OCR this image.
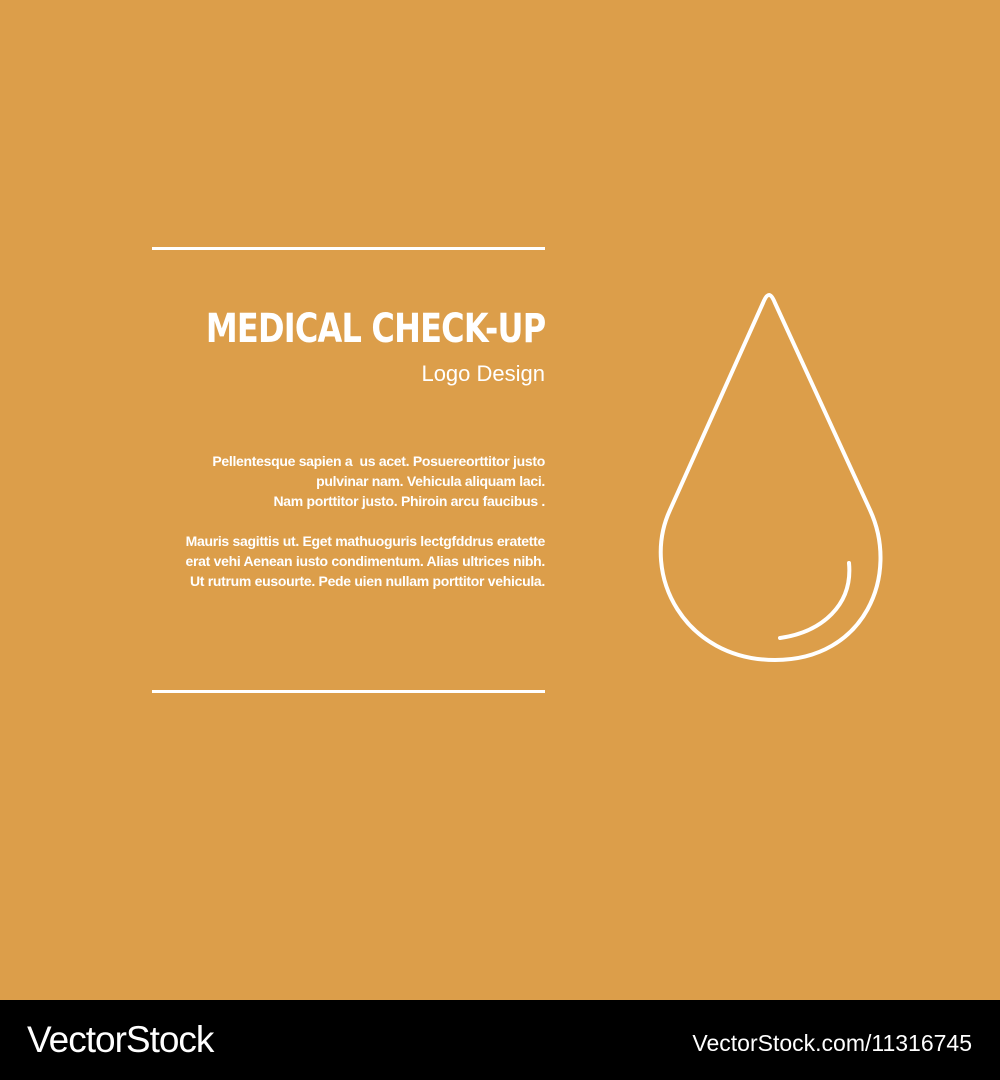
MEDICAL CHECK-UP

Logo Design

Pellentesque sapien a  us acet. Posuereorttitor justo
pulvinar nam. Vehicula aliquam laci.
Nam porttitor justo. Phiroin arcu faucibus .

Mauris sagittis ut. Eget mathuoguris lectgfddrus eratette
erat vehi Aenean iusto condimentum. Alias ultrices nibh.
Ut rutrum eusourte. Pede uien nullam porttitor vehicula.

VectorStock	VectorStock.com/11316745
